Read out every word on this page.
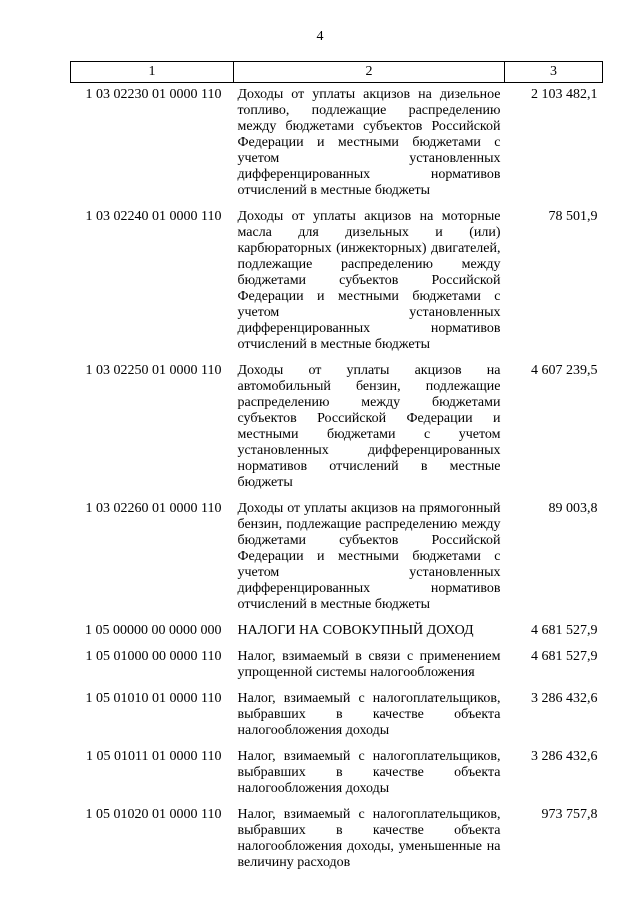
4
1	2	3
1 03 02230 01 0000 110	Доходы от уплаты акцизов на дизельное топливо, подлежащие распределению между бюджетами субъектов Российской Федерации и местными бюджетами с учетом установленных дифференцированных нормативов отчислений в местные бюджеты	2 103 482,1
1 03 02240 01 0000 110	Доходы от уплаты акцизов на моторные масла для дизельных и (или) карбюраторных (инжекторных) двигателей, подлежащие распределению между бюджетами субъектов Российской Федерации и местными бюджетами с учетом установленных дифференцированных нормативов отчислений в местные бюджеты	78 501,9
1 03 02250 01 0000 110	Доходы от уплаты акцизов на автомобильный бензин, подлежащие распределению между бюджетами субъектов Российской Федерации и местными бюджетами с учетом установленных дифференцированных нормативов отчислений в местные бюджеты	4 607 239,5
1 03 02260 01 0000 110	Доходы от уплаты акцизов на прямогонный бензин, подлежащие распределению между бюджетами субъектов Российской Федерации и местными бюджетами с учетом установленных дифференцированных нормативов отчислений в местные бюджеты	89 003,8
1 05 00000 00 0000 000	НАЛОГИ НА СОВОКУПНЫЙ ДОХОД	4 681 527,9
1 05 01000 00 0000 110	Налог, взимаемый в связи с применением упрощенной системы налогообложения	4 681 527,9
1 05 01010 01 0000 110	Налог, взимаемый с налогоплательщиков, выбравших в качестве объекта налогообложения доходы	3 286 432,6
1 05 01011 01 0000 110	Налог, взимаемый с налогоплательщиков, выбравших в качестве объекта налогообложения доходы	3 286 432,6
1 05 01020 01 0000 110	Налог, взимаемый с налогоплательщиков, выбравших в качестве объекта налогообложения доходы, уменьшенные на величину расходов	973 757,8
